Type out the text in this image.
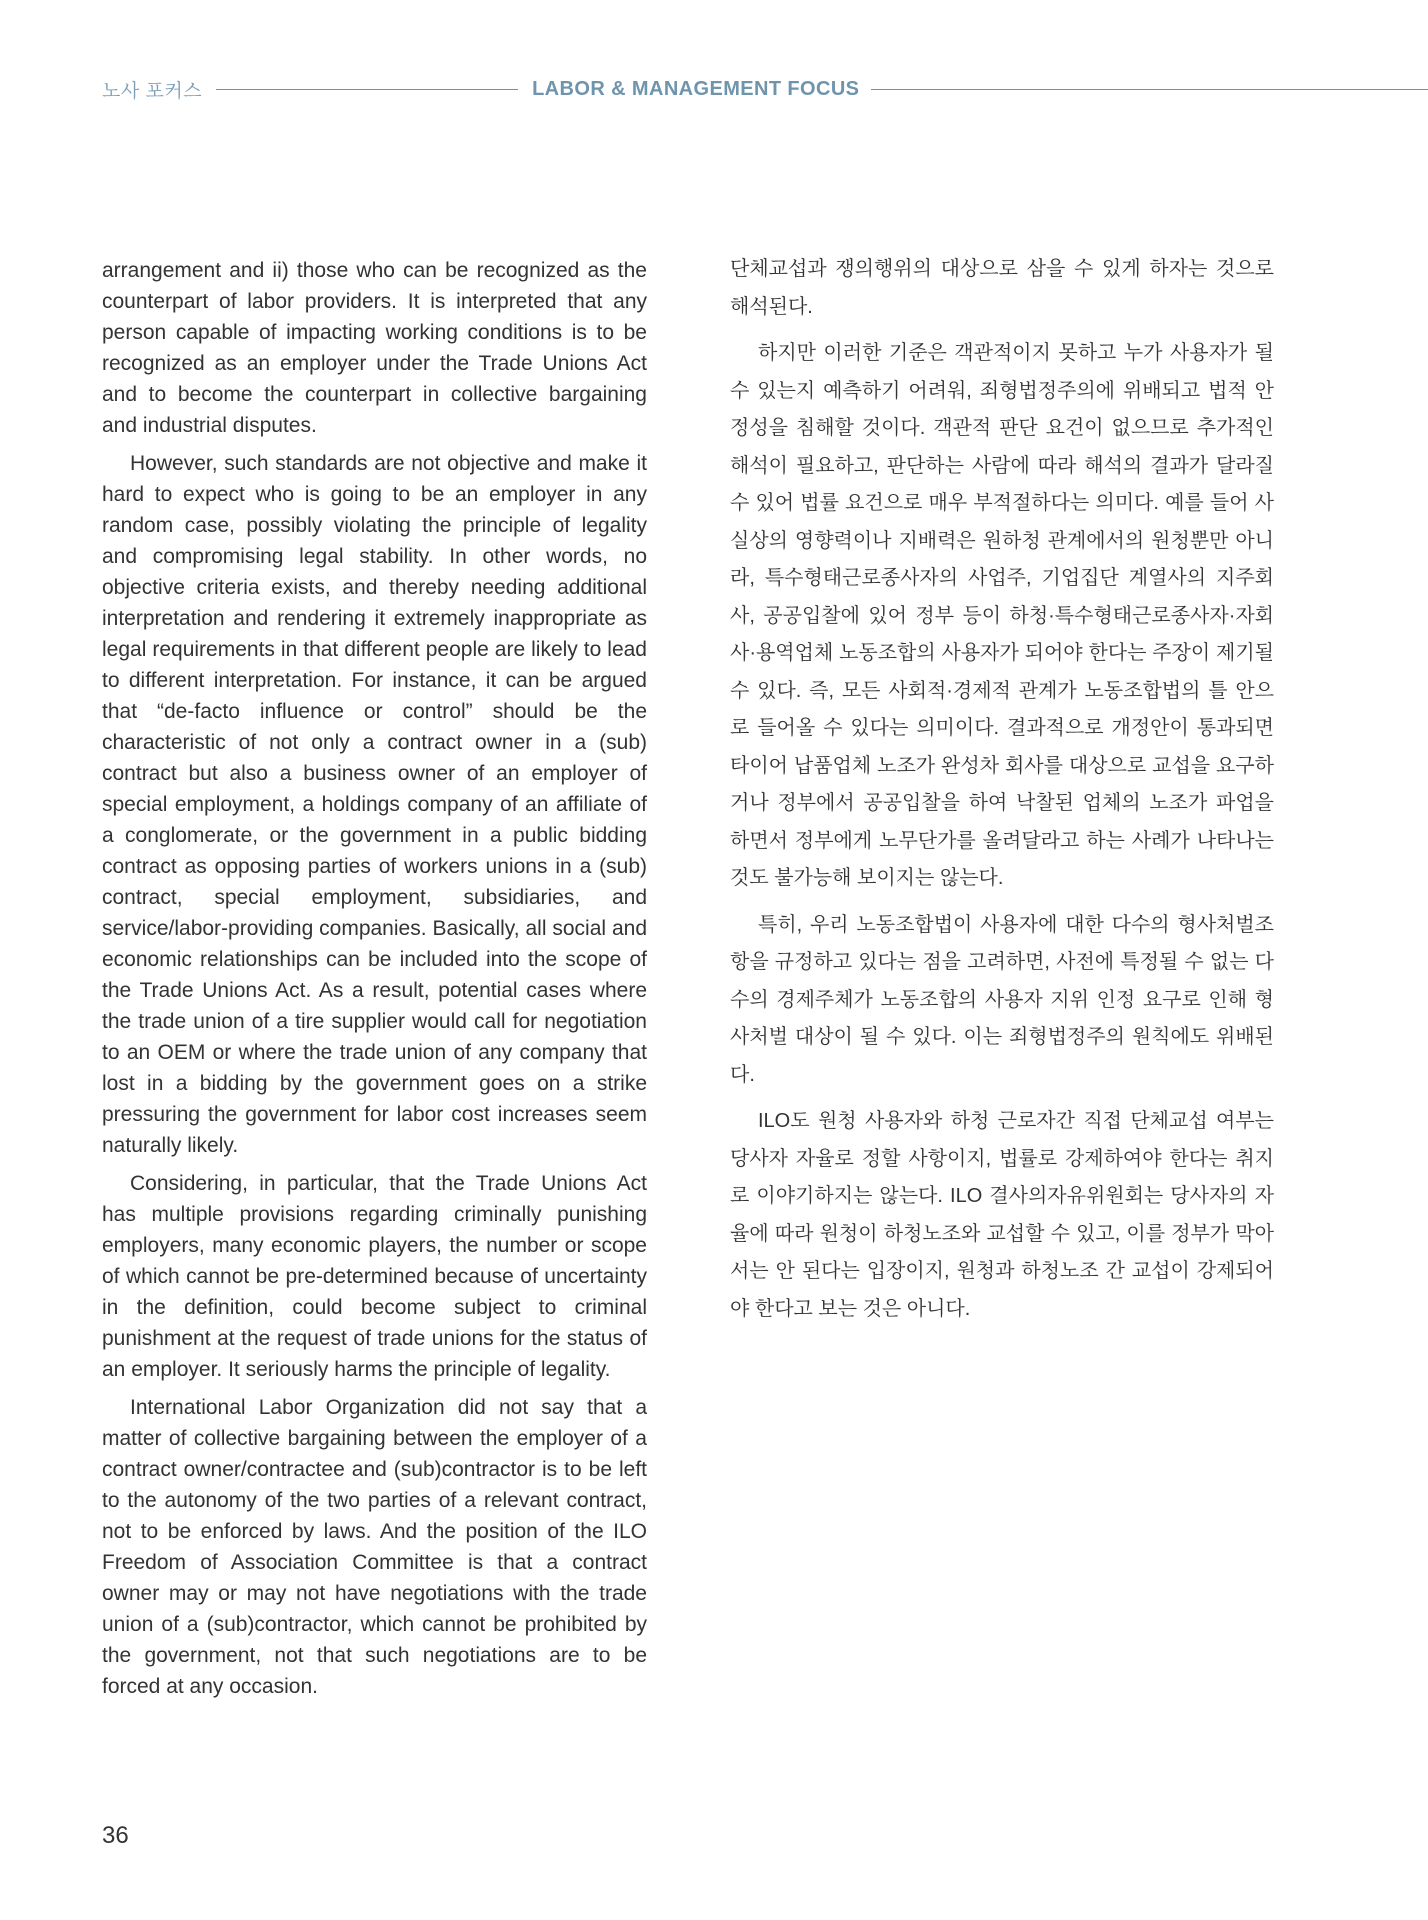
노사 포커스	LABOR & MANAGEMENT FOCUS

arrangement and ii) those who can be recognized as the counterpart of labor providers. It is interpreted that any person capable of impacting working conditions is to be recognized as an employer under the Trade Unions Act and to become the counterpart in collective bargaining and industrial disputes.

However, such standards are not objective and make it hard to expect who is going to be an employer in any random case, possibly violating the principle of legality and compromising legal stability. In other words, no objective criteria exists, and thereby needing additional interpretation and rendering it extremely inappropriate as legal requirements in that different people are likely to lead to different interpretation. For instance, it can be argued that “de-facto influence or control” should be the characteristic of not only a contract owner in a (sub) contract but also a business owner of an employer of special employment, a holdings company of an affiliate of a conglomerate, or the government in a public bidding contract as opposing parties of workers unions in a (sub) contract, special employment, subsidiaries, and service/labor-providing companies. Basically, all social and economic relationships can be included into the scope of the Trade Unions Act. As a result, potential cases where the trade union of a tire supplier would call for negotiation to an OEM or where the trade union of any company that lost in a bidding by the government goes on a strike pressuring the government for labor cost increases seem naturally likely.

Considering, in particular, that the Trade Unions Act has multiple provisions regarding criminally punishing employers, many economic players, the number or scope of which cannot be pre-determined because of uncertainty in the definition, could become subject to criminal punishment at the request of trade unions for the status of an employer. It seriously harms the principle of legality.

International Labor Organization did not say that a matter of collective bargaining between the employer of a contract owner/contractee and (sub)contractor is to be left to the autonomy of the two parties of a relevant contract, not to be enforced by laws. And the position of the ILO Freedom of Association Committee is that a contract owner may or may not have negotiations with the trade union of a (sub)contractor, which cannot be prohibited by the government, not that such negotiations are to be forced at any occasion.

단체교섭과 쟁의행위의 대상으로 삼을 수 있게 하자는 것으로 해석된다.

하지만 이러한 기준은 객관적이지 못하고 누가 사용자가 될 수 있는지 예측하기 어려워, 죄형법정주의에 위배되고 법적 안정성을 침해할 것이다. 객관적 판단 요건이 없으므로 추가적인 해석이 필요하고, 판단하는 사람에 따라 해석의 결과가 달라질 수 있어 법률 요건으로 매우 부적절하다는 의미다. 예를 들어 사실상의 영향력이나 지배력은 원하청 관계에서의 원청뿐만 아니라, 특수형태근로종사자의 사업주, 기업집단 계열사의 지주회사, 공공입찰에 있어 정부 등이 하청·특수형태근로종사자·자회사·용역업체 노동조합의 사용자가 되어야 한다는 주장이 제기될 수 있다. 즉, 모든 사회적·경제적 관계가 노동조합법의 틀 안으로 들어올 수 있다는 의미이다. 결과적으로 개정안이 통과되면 타이어 납품업체 노조가 완성차 회사를 대상으로 교섭을 요구하거나 정부에서 공공입찰을 하여 낙찰된 업체의 노조가 파업을 하면서 정부에게 노무단가를 올려달라고 하는 사례가 나타나는 것도 불가능해 보이지는 않는다.

특히, 우리 노동조합법이 사용자에 대한 다수의 형사처벌조항을 규정하고 있다는 점을 고려하면, 사전에 특정될 수 없는 다수의 경제주체가 노동조합의 사용자 지위 인정 요구로 인해 형사처벌 대상이 될 수 있다. 이는 죄형법정주의 원칙에도 위배된다.

ILO도 원청 사용자와 하청 근로자간 직접 단체교섭 여부는 당사자 자율로 정할 사항이지, 법률로 강제하여야 한다는 취지로 이야기하지는 않는다. ILO 결사의자유위원회는 당사자의 자율에 따라 원청이 하청노조와 교섭할 수 있고, 이를 정부가 막아서는 안 된다는 입장이지, 원청과 하청노조 간 교섭이 강제되어야 한다고 보는 것은 아니다.

36
